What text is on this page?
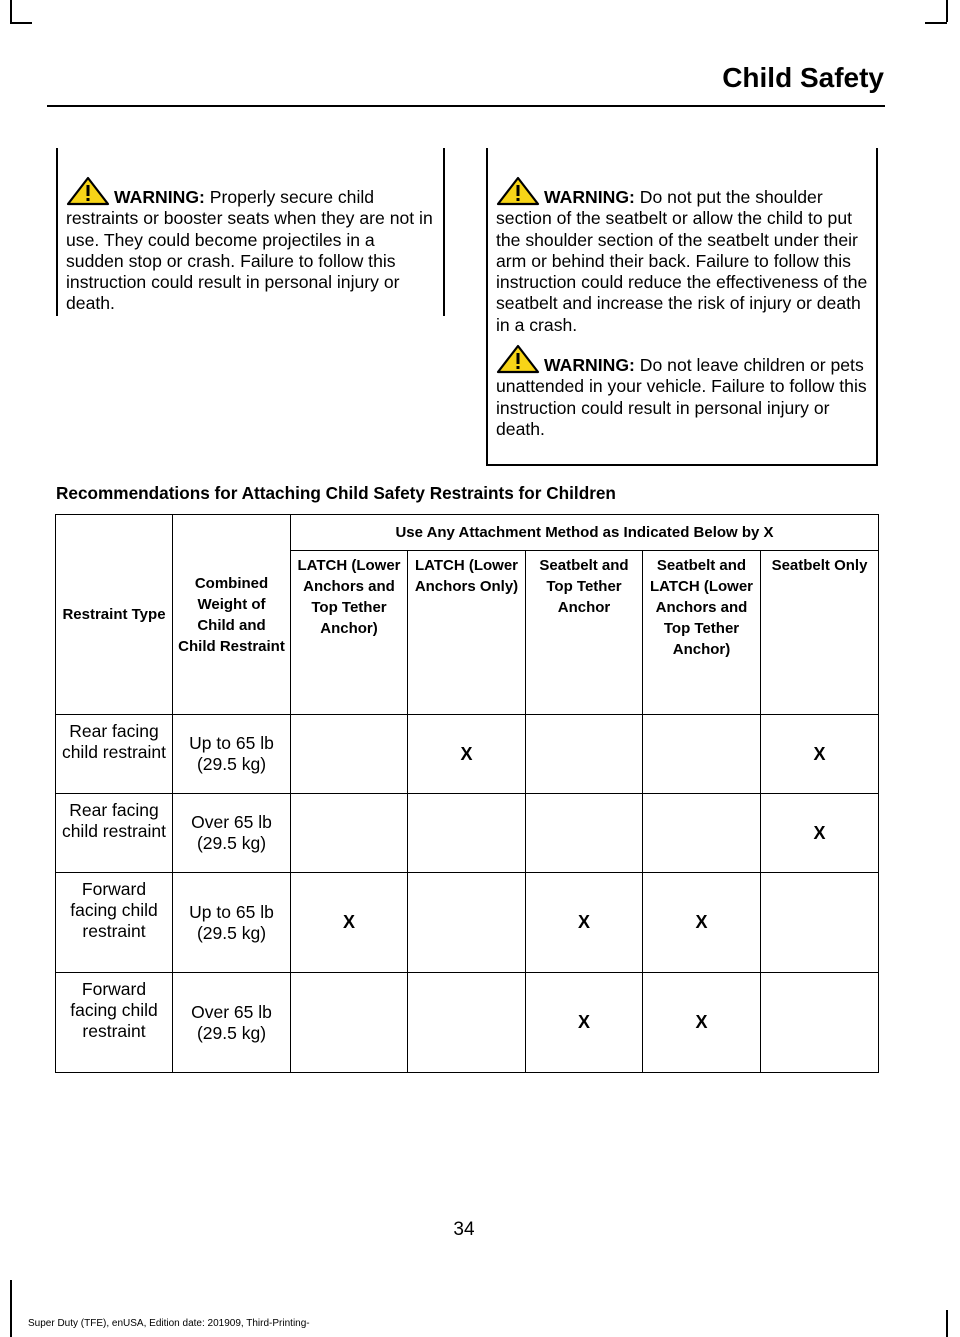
Child Safety

WARNING: Properly secure child restraints or booster seats when they are not in use. They could become projectiles in a sudden stop or crash. Failure to follow this instruction could result in personal injury or death.

WARNING: Do not put the shoulder section of the seatbelt or allow the child to put the shoulder section of the seatbelt under their arm or behind their back. Failure to follow this instruction could reduce the effectiveness of the seatbelt and increase the risk of injury or death in a crash.

WARNING: Do not leave children or pets unattended in your vehicle. Failure to follow this instruction could result in personal injury or death.

Recommendations for Attaching Child Safety Restraints for Children
Restraint Type	Combined Weight of Child and Child Restraint	Use Any Attachment Method as Indicated Below by X				
		LATCH (Lower Anchors and Top Tether Anchor)	LATCH (Lower Anchors Only)	Seatbelt and Top Tether Anchor	Seatbelt and LATCH (Lower Anchors and Top Tether Anchor)	Seatbelt Only
Rear facing child restraint	Up to 65 lb (29.5 kg)		X			X
Rear facing child restraint	Over 65 lb (29.5 kg)					X
Forward facing child restraint	Up to 65 lb (29.5 kg)	X		X	X	
Forward facing child restraint	Over 65 lb (29.5 kg)			X	X	
34
Super Duty (TFE), enUSA, Edition date: 201909, Third-Printing-
